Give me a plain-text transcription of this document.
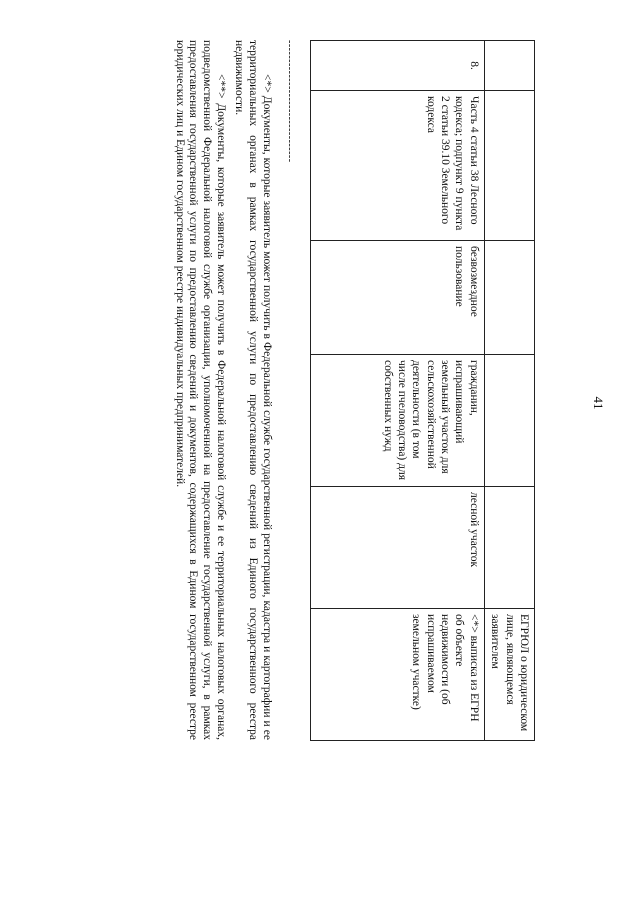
41
					ЕГРЮЛ о юридическом лице, являющемся заявителем
8.	Часть 4 статьи 38 Лесного кодекса; подпункт 9 пункта 2 статьи 39.10 Земельного кодекса	безвозмездное пользование	гражданин, испрашивающий земельный участок для сельскохозяйственной деятельности (в том числе пчеловодства) для собственных нужд	лесной участок	<*> выписка из ЕГРН об объекте недвижимости (об испрашиваемом земельном участке)
--------------------------------

<*> Документы, которые заявитель может получить в Федеральной службе государственной регистрации, кадастра и картографии и ее территориальных органах в рамках государственной услуги по предоставлению сведений из Единого государственного реестра недвижимости.

<**> Документы, которые заявитель может получить в Федеральной налоговой службе и ее территориальных налоговых органах, подведомственной Федеральной налоговой службе организации, уполномоченной на предоставление государственной услуги, в рамках предоставления государственной услуги по предоставлению сведений и документов, содержащихся в Едином государственном реестре юридических лиц и Едином государственном реестре индивидуальных предпринимателей.
